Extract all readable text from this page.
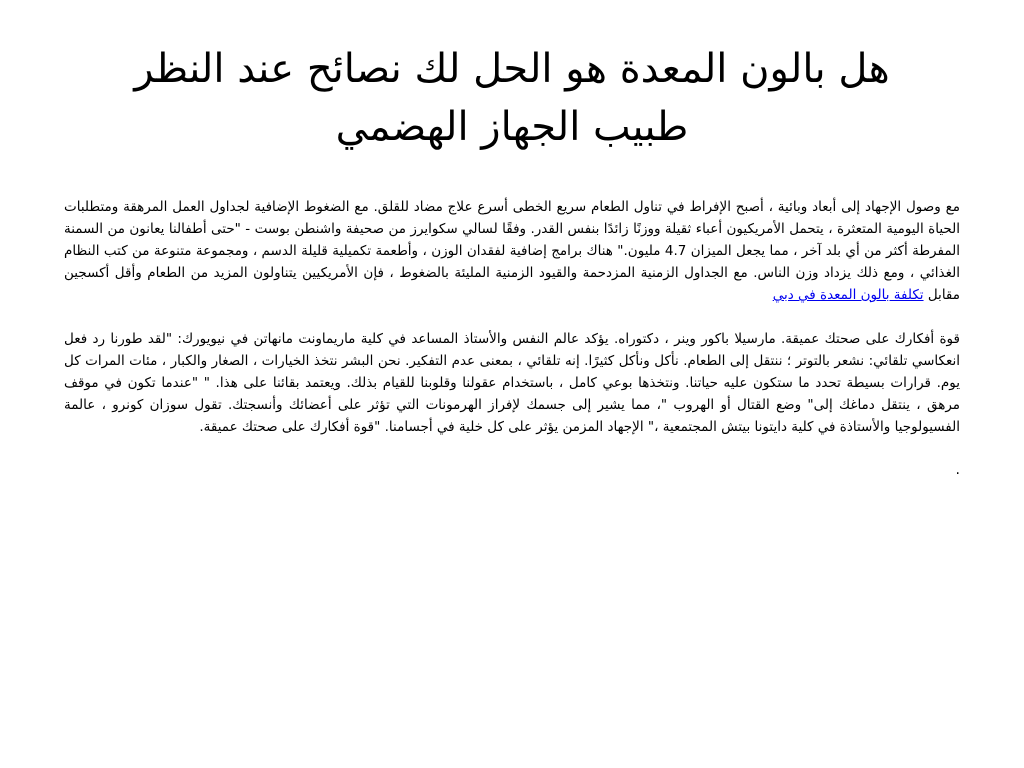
هل بالون المعدة هو الحل لك نصائح عند النظر
طبيب الجهاز الهضمي

مع وصول الإجهاد إلى أبعاد وبائية ، أصبح الإفراط في تناول الطعام سريع الخطى أسرع علاج مضاد للقلق. مع الضغوط الإضافية لجداول العمل المرهقة ومتطلبات الحياة اليومية المتعثرة ، يتحمل الأمريكيون أعباء ثقيلة ووزنًا زائدًا بنفس القدر. وفقًا لسالي سكوايرز من صحيفة واشنطن بوست - "حتى أطفالنا يعانون من السمنة المفرطة أكثر من أي بلد آخر ، مما يجعل الميزان 4.7 مليون." هناك برامج إضافية لفقدان الوزن ، وأطعمة تكميلية قليلة الدسم ، ومجموعة متنوعة من كتب النظام الغذائي ، ومع ذلك يزداد وزن الناس. مع الجداول الزمنية المزدحمة والقيود الزمنية المليئة بالضغوط ، فإن الأمريكيين يتناولون المزيد من الطعام وأقل أكسجين مقابل تكلفة بالون المعدة في دبي

قوة أفكارك على صحتك عميقة. مارسيلا باكور وينر ، دكتوراه. يؤكد عالم النفس والأستاذ المساعد في كلية ماريماونت مانهاتن في نيويورك: "لقد طورنا رد فعل انعكاسي تلقائي: نشعر بالتوتر ؛ ننتقل إلى الطعام. نأكل ونأكل كثيرًا. إنه تلقائي ، بمعنى عدم التفكير. نحن البشر نتخذ الخيارات ، الصغار والكبار ، مئات المرات كل يوم. قرارات بسيطة تحدد ما ستكون عليه حياتنا. ونتخذها بوعي كامل ، باستخدام عقولنا وقلوبنا للقيام بذلك. ويعتمد بقائنا على هذا. " "عندما تكون في موقف مرهق ، ينتقل دماغك إلى" وضع القتال أو الهروب "، مما يشير إلى جسمك لإفراز الهرمونات التي تؤثر على أعضائك وأنسجتك. تقول سوزان كونرو ، عالمة الفسيولوجيا والأستاذة في كلية دايتونا بيتش المجتمعية ،" الإجهاد المزمن يؤثر على كل خلية في أجسامنا. "قوة أفكارك على صحتك عميقة.

.
